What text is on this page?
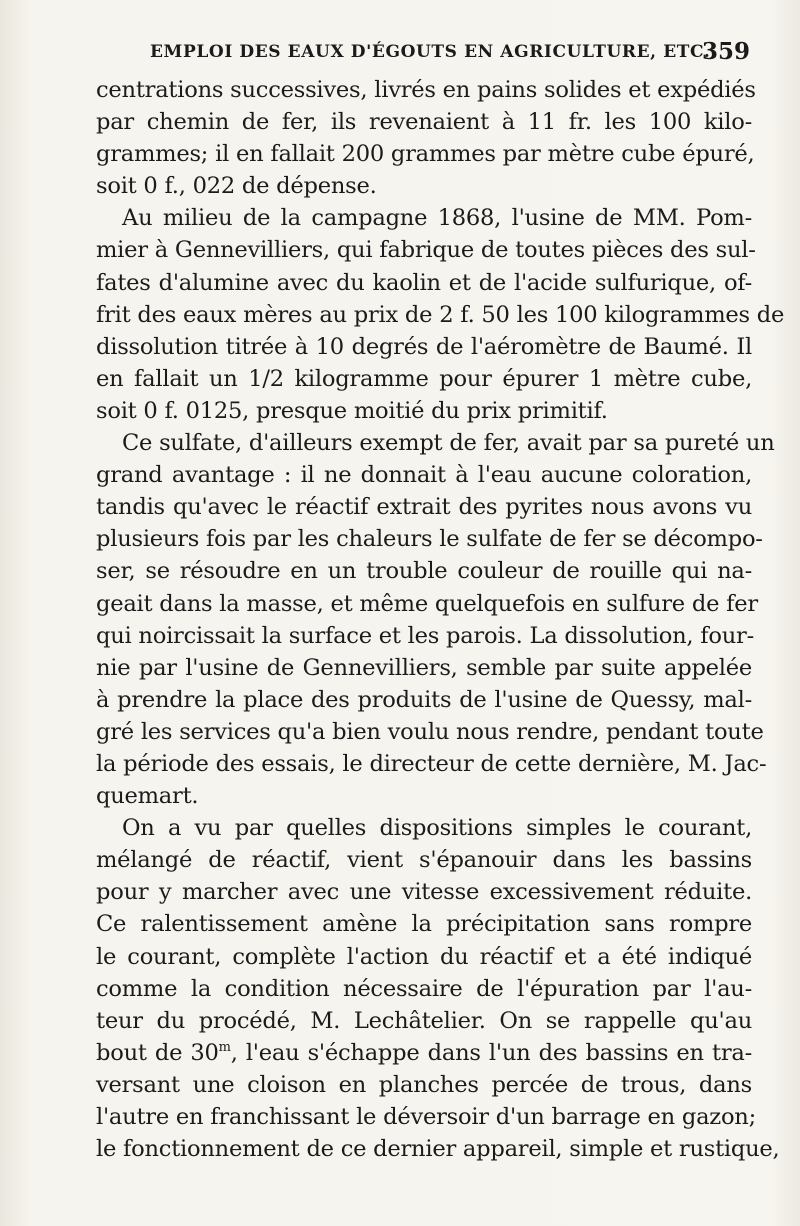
EMPLOI DES EAUX D'ÉGOUTS EN AGRICULTURE, ETC.
359
centrations successives, livrés en pains solides et expédiés
par chemin de fer, ils revenaient à 11 fr. les 100 kilo-
grammes; il en fallait 200 grammes par mètre cube épuré,
soit 0 f., 022 de dépense.
Au milieu de la campagne 1868, l'usine de MM. Pom-
mier à Gennevilliers, qui fabrique de toutes pièces des sul-
fates d'alumine avec du kaolin et de l'acide sulfurique, of-
frit des eaux mères au prix de 2 f. 50 les 100 kilogrammes de
dissolution titrée à 10 degrés de l'aéromètre de Baumé. Il
en fallait un 1/2 kilogramme pour épurer 1 mètre cube,
soit 0 f. 0125, presque moitié du prix primitif.
Ce sulfate, d'ailleurs exempt de fer, avait par sa pureté un
grand avantage : il ne donnait à l'eau aucune coloration,
tandis qu'avec le réactif extrait des pyrites nous avons vu
plusieurs fois par les chaleurs le sulfate de fer se décompo-
ser, se résoudre en un trouble couleur de rouille qui na-
geait dans la masse, et même quelquefois en sulfure de fer
qui noircissait la surface et les parois. La dissolution, four-
nie par l'usine de Gennevilliers, semble par suite appelée
à prendre la place des produits de l'usine de Quessy, mal-
gré les services qu'a bien voulu nous rendre, pendant toute
la période des essais, le directeur de cette dernière, M. Jac-
quemart.
On a vu par quelles dispositions simples le courant,
mélangé de réactif, vient s'épanouir dans les bassins
pour y marcher avec une vitesse excessivement réduite.
Ce ralentissement amène la précipitation sans rompre
le courant, complète l'action du réactif et a été indiqué
comme la condition nécessaire de l'épuration par l'au-
teur du procédé, M. Lechâtelier. On se rappelle qu'au
bout de 30$^m$, l'eau s'échappe dans l'un des bassins en tra-
versant une cloison en planches percée de trous, dans
l'autre en franchissant le déversoir d'un barrage en gazon;
le fonctionnement de ce dernier appareil, simple et rustique,
